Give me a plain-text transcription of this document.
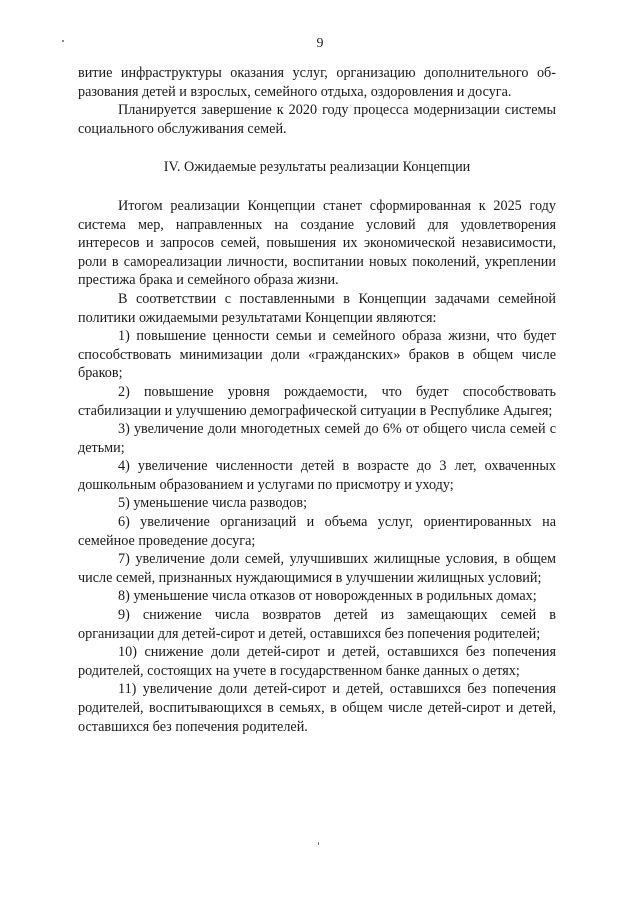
9

витие инфраструктуры оказания услуг, организацию дополнительного об-

разования детей и взрослых, семейного отдыха, оздоровления и досуга.

Планируется завершение к 2020 году процесса модернизации системы социального обслуживания семей.

IV. Ожидаемые результаты реализации Концепции

Итогом реализации Концепции станет сформированная к 2025 году система мер, направленных на создание условий для удовлетворения интересов и запросов семей, повышения их экономической независимости, роли в самореализации личности, воспитании новых поколений, укреплении престижа брака и семейного образа жизни.

В соответствии с поставленными в Концепции задачами семейной политики ожидаемыми результатами Концепции являются:

1) повышение ценности семьи и семейного образа жизни, что будет способствовать минимизации доли «гражданских» браков в общем числе браков;

2) повышение уровня рождаемости, что будет способствовать стабилизации и улучшению демографической ситуации в Республике Адыгея;

3) увеличение доли многодетных семей до 6% от общего числа семей с детьми;

4) увеличение численности детей в возрасте до 3 лет, охваченных дошкольным образованием и услугами по присмотру и уходу;

5) уменьшение числа разводов;

6) увеличение организаций и объема услуг, ориентированных на семейное проведение досуга;

7) увеличение доли семей, улучшивших жилищные условия, в общем числе семей, признанных нуждающимися в улучшении жилищных условий;

8) уменьшение числа отказов от новорожденных в родильных домах;

9) снижение числа возвратов детей из замещающих семей в организации для детей-сирот и детей, оставшихся без попечения родителей;

10) снижение доли детей-сирот и детей, оставшихся без попечения родителей, состоящих на учете в государственном банке данных о детях;

11) увеличение доли детей-сирот и детей, оставшихся без попечения родителей, воспитывающихся в семьях, в общем числе детей-сирот и детей, оставшихся без попечения родителей.
